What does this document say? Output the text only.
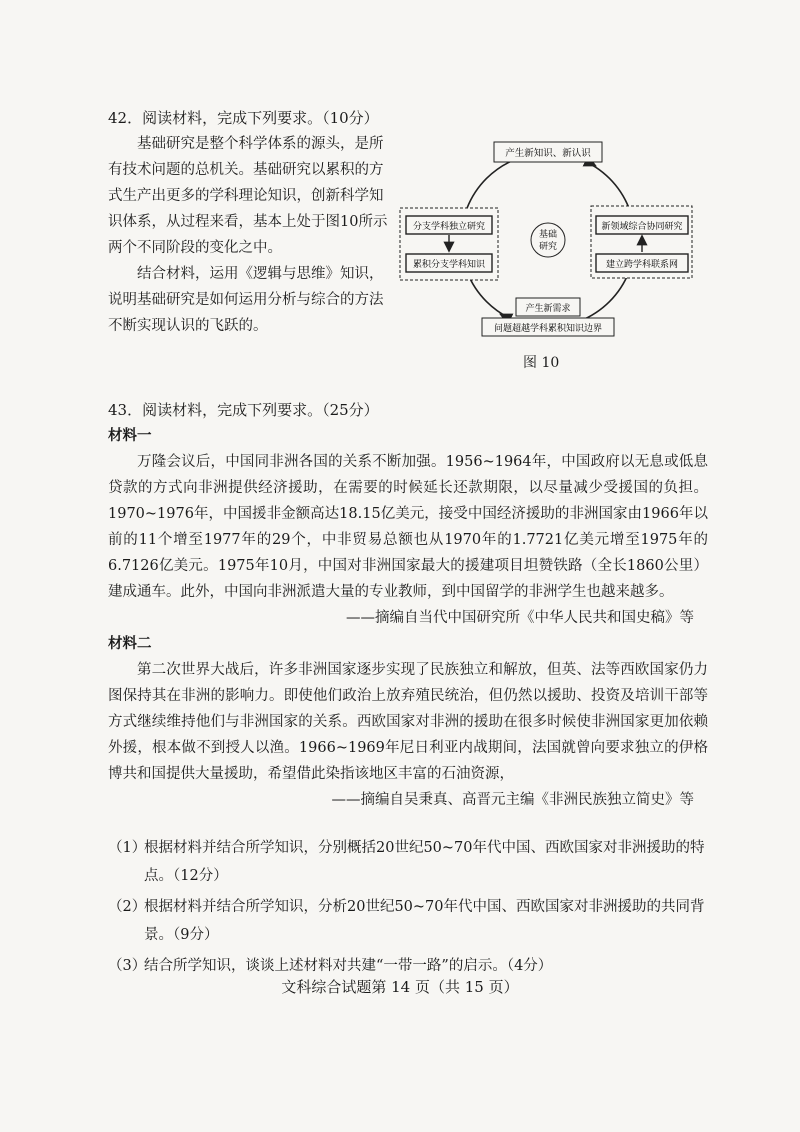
42．阅读材料，完成下列要求。（10分）

基础研究是整个科学体系的源头，是所有技术问题的总机关。基础研究以累积的方式生产出更多的学科理论知识，创新科学知识体系，从过程来看，基本上处于图10所示两个不同阶段的变化之中。

结合材料，运用《逻辑与思维》知识，说明基础研究是如何运用分析与综合的方法不断实现认识的飞跃的。

产生新知识、新认识
分支学科独立研究
累积分支学科知识
基础
研究
新领域综合协同研究
建立跨学科联系网
产生新需求
问题超越学科累积知识边界
图 10

43．阅读材料，完成下列要求。（25分）

材料一

万隆会议后，中国同非洲各国的关系不断加强。1956~1964年，中国政府以无息或低息贷款的方式向非洲提供经济援助，在需要的时候延长还款期限，以尽量减少受援国的负担。1970~1976年，中国援非金额高达18.15亿美元，接受中国经济援助的非洲国家由1966年以前的11个增至1977年的29个，中非贸易总额也从1970年的1.7721亿美元增至1975年的6.7126亿美元。1975年10月，中国对非洲国家最大的援建项目坦赞铁路（全长1860公里）建成通车。此外，中国向非洲派遣大量的专业教师，到中国留学的非洲学生也越来越多。

——摘编自当代中国研究所《中华人民共和国史稿》等

材料二

第二次世界大战后，许多非洲国家逐步实现了民族独立和解放，但英、法等西欧国家仍力图保持其在非洲的影响力。即使他们政治上放弃殖民统治，但仍然以援助、投资及培训干部等方式继续维持他们与非洲国家的关系。西欧国家对非洲的援助在很多时候使非洲国家更加依赖外援，根本做不到授人以渔。1966~1969年尼日利亚内战期间，法国就曾向要求独立的伊格博共和国提供大量援助，希望借此染指该地区丰富的石油资源，

——摘编自吴秉真、高晋元主编《非洲民族独立简史》等

（1）
根据材料并结合所学知识，分别概括20世纪50~70年代中国、西欧国家对非洲援助的特点。（12分）
（2）
根据材料并结合所学知识，分析20世纪50~70年代中国、西欧国家对非洲援助的共同背景。（9分）
（3）
结合所学知识，谈谈上述材料对共建“一带一路”的启示。（4分）
文科综合试题第 14 页（共 15 页）
